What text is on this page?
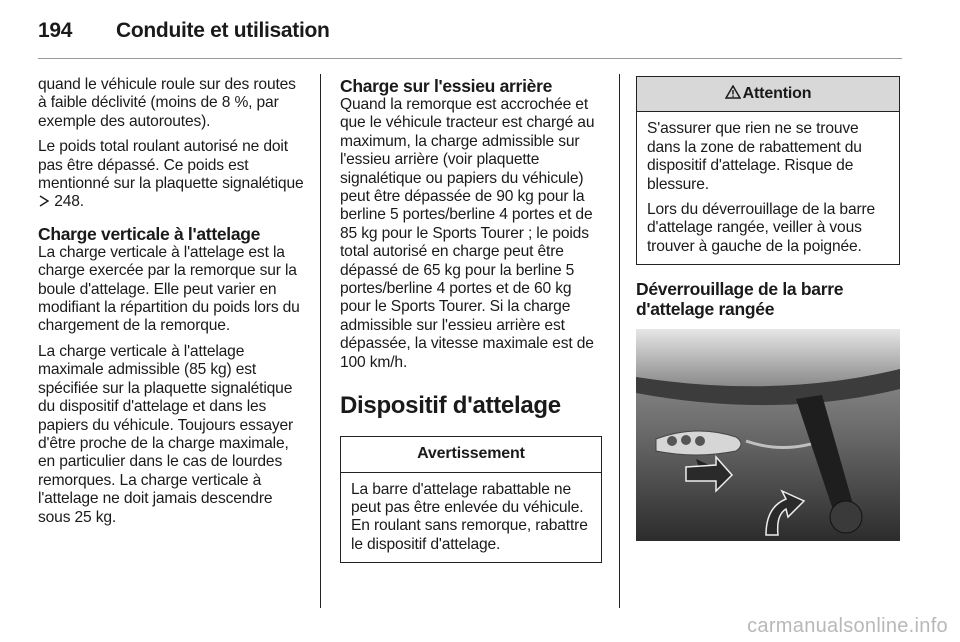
194 Conduite et utilisation

quand le véhicule roule sur des routes à faible déclivité (moins de 8 %, par exemple des autoroutes).

Le poids total roulant autorisé ne doit pas être dépassé. Ce poids est mentionné sur la plaquette signalétique
248.

Charge verticale à l'attelage

La charge verticale à l'attelage est la charge exercée par la remorque sur la boule d'attelage. Elle peut varier en modifiant la répartition du poids lors du chargement de la remorque.

La charge verticale à l'attelage maximale admissible (85 kg) est spécifiée sur la plaquette signalétique du dispositif d'attelage et dans les papiers du véhicule. Toujours essayer d'être proche de la charge maximale, en particulier dans le cas de lourdes remorques. La charge verticale à l'attelage ne doit jamais descendre sous 25 kg.

Charge sur l'essieu arrière

Quand la remorque est accrochée et que le véhicule tracteur est chargé au maximum, la charge admissible sur l'essieu arrière (voir plaquette signalétique ou papiers du véhicule) peut être dépassée de 90 kg pour la berline 5 portes/berline 4 portes et de 85 kg pour le Sports Tourer ; le poids total autorisé en charge peut être dépassé de 65 kg pour la berline 5 portes/berline 4 portes et de 60 kg pour le Sports Tourer. Si la charge admissible sur l'essieu arrière est dépassée, la vitesse maximale est de 100 km/h.

Dispositif d'attelage
Avertissement

La barre d'attelage rabattable ne peut pas être enlevée du véhicule. En roulant sans remorque, rabattre le dispositif d'attelage.

Attention

S'assurer que rien ne se trouve dans la zone de rabattement du dispositif d'attelage. Risque de blessure.

Lors du déverrouillage de la barre d'attelage rangée, veiller à vous trouver à gauche de la poignée.

Déverrouillage de la barre d'attelage rangée
carmanualsonline.info
